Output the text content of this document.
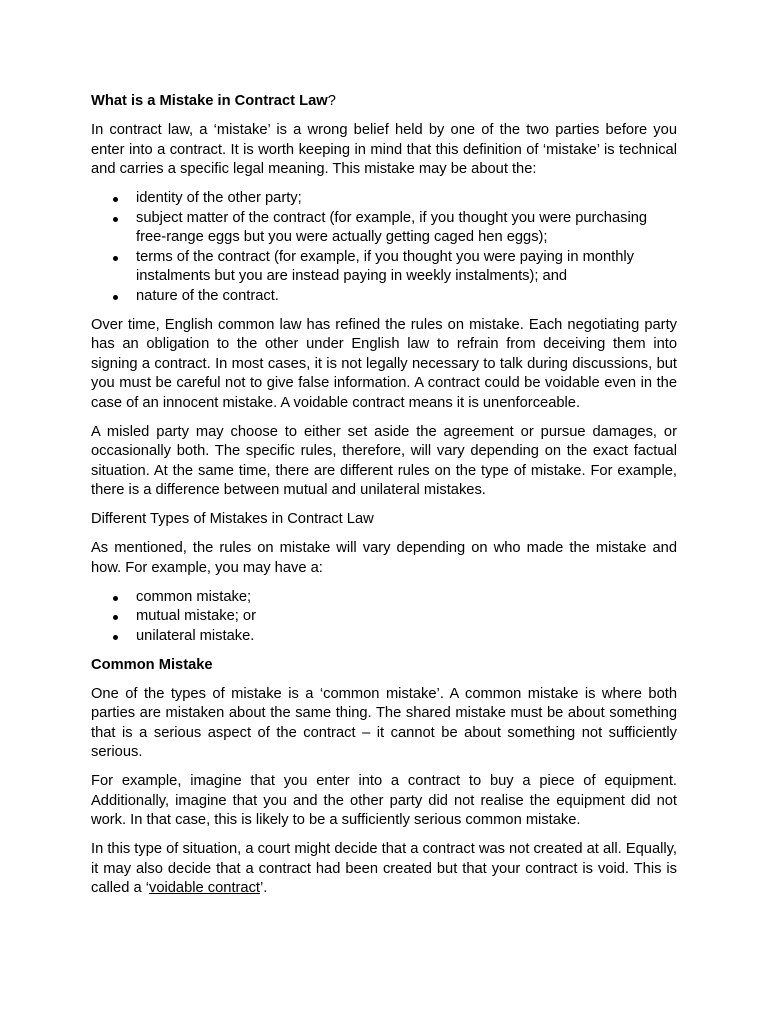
What is a Mistake in Contract Law?

In contract law, a ‘mistake’ is a wrong belief held by one of the two parties before you enter into a contract. It is worth keeping in mind that this definition of ‘mistake’ is technical and carries a specific legal meaning. This mistake may be about the:

identity of the other party;
subject matter of the contract (for example, if you thought you were purchasing free-range eggs but you were actually getting caged hen eggs);
terms of the contract (for example, if you thought you were paying in monthly instalments but you are instead paying in weekly instalments); and
nature of the contract.

Over time, English common law has refined the rules on mistake. Each negotiating party has an obligation to the other under English law to refrain from deceiving them into signing a contract. In most cases, it is not legally necessary to talk during discussions, but you must be careful not to give false information. A contract could be voidable even in the case of an innocent mistake. A voidable contract means it is unenforceable.

A misled party may choose to either set aside the agreement or pursue damages, or occasionally both. The specific rules, therefore, will vary depending on the exact factual situation. At the same time, there are different rules on the type of mistake. For example, there is a difference between mutual and unilateral mistakes.

Different Types of Mistakes in Contract Law

As mentioned, the rules on mistake will vary depending on who made the mistake and how. For example, you may have a:

common mistake;
mutual mistake; or
unilateral mistake.
Common Mistake

One of the types of mistake is a ‘common mistake’. A common mistake is where both parties are mistaken about the same thing. The shared mistake must be about something that is a serious aspect of the contract – it cannot be about something not sufficiently serious.

For example, imagine that you enter into a contract to buy a piece of equipment. Additionally, imagine that you and the other party did not realise the equipment did not work. In that case, this is likely to be a sufficiently serious common mistake.

In this type of situation, a court might decide that a contract was not created at all. Equally, it may also decide that a contract had been created but that your contract is void. This is called a ‘voidable contract’.
